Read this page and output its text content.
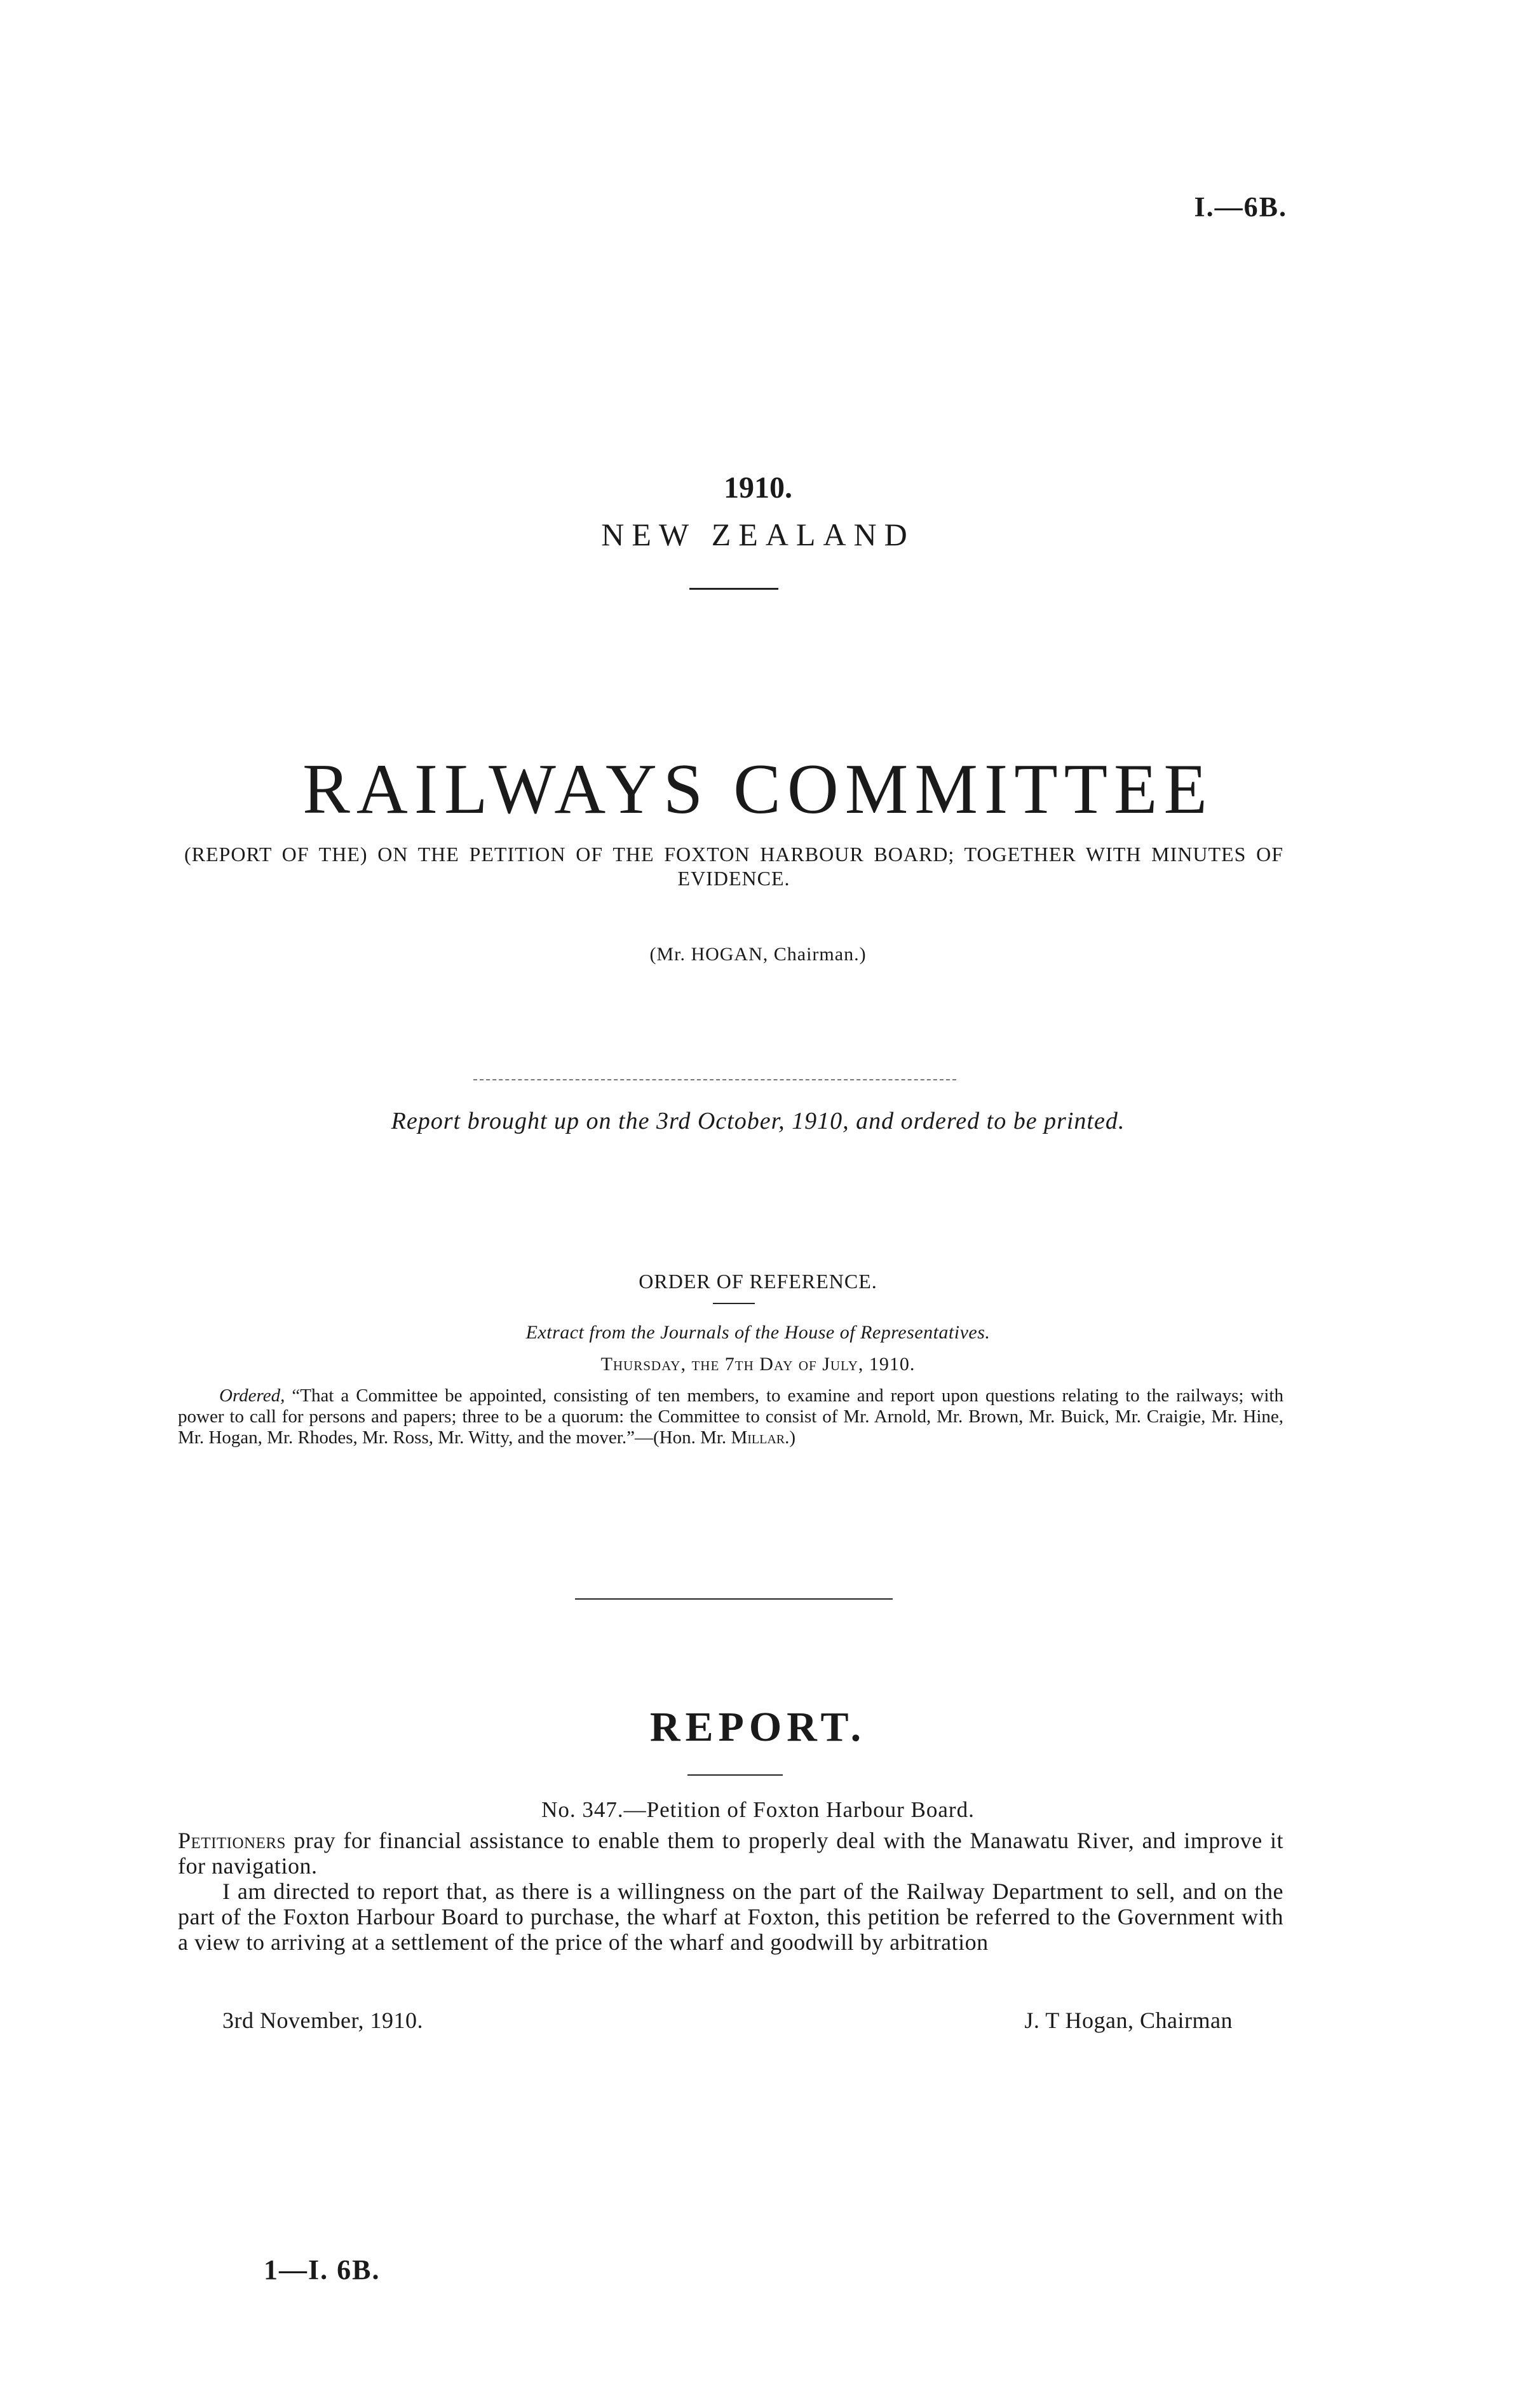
I.—6B.
1910.
NEW ZEALAND
RAILWAYS COMMITTEE
(REPORT OF THE) ON THE PETITION OF THE FOXTON HARBOUR BOARD; TOGETHER WITH MINUTES OF EVIDENCE.
(Mr. HOGAN, Chairman.)
Report brought up on the 3rd October, 1910, and ordered to be printed.
ORDER OF REFERENCE.
Extract from the Journals of the House of Representatives.
Thursday, the 7th Day of July, 1910.

Ordered, “That a Committee be appointed, consisting of ten members, to examine and report upon questions relating to the railways; with power to call for persons and papers; three to be a quorum: the Committee to consist of Mr. Arnold, Mr. Brown, Mr. Buick, Mr. Craigie, Mr. Hine, Mr. Hogan, Mr. Rhodes, Mr. Ross, Mr. Witty, and the mover.”—(Hon. Mr. Millar.)

REPORT.
No. 347.—Petition of Foxton Harbour Board.

Petitioners pray for financial assistance to enable them to properly deal with the Manawatu River, and improve it for navigation.

I am directed to report that, as there is a willingness on the part of the Railway Department to sell, and on the part of the Foxton Harbour Board to purchase, the wharf at Foxton, this petition be referred to the Government with a view to arriving at a settlement of the price of the wharf and goodwill by arbitration

3rd November, 1910.	J. T Hogan, Chairman
1—I. 6B.
